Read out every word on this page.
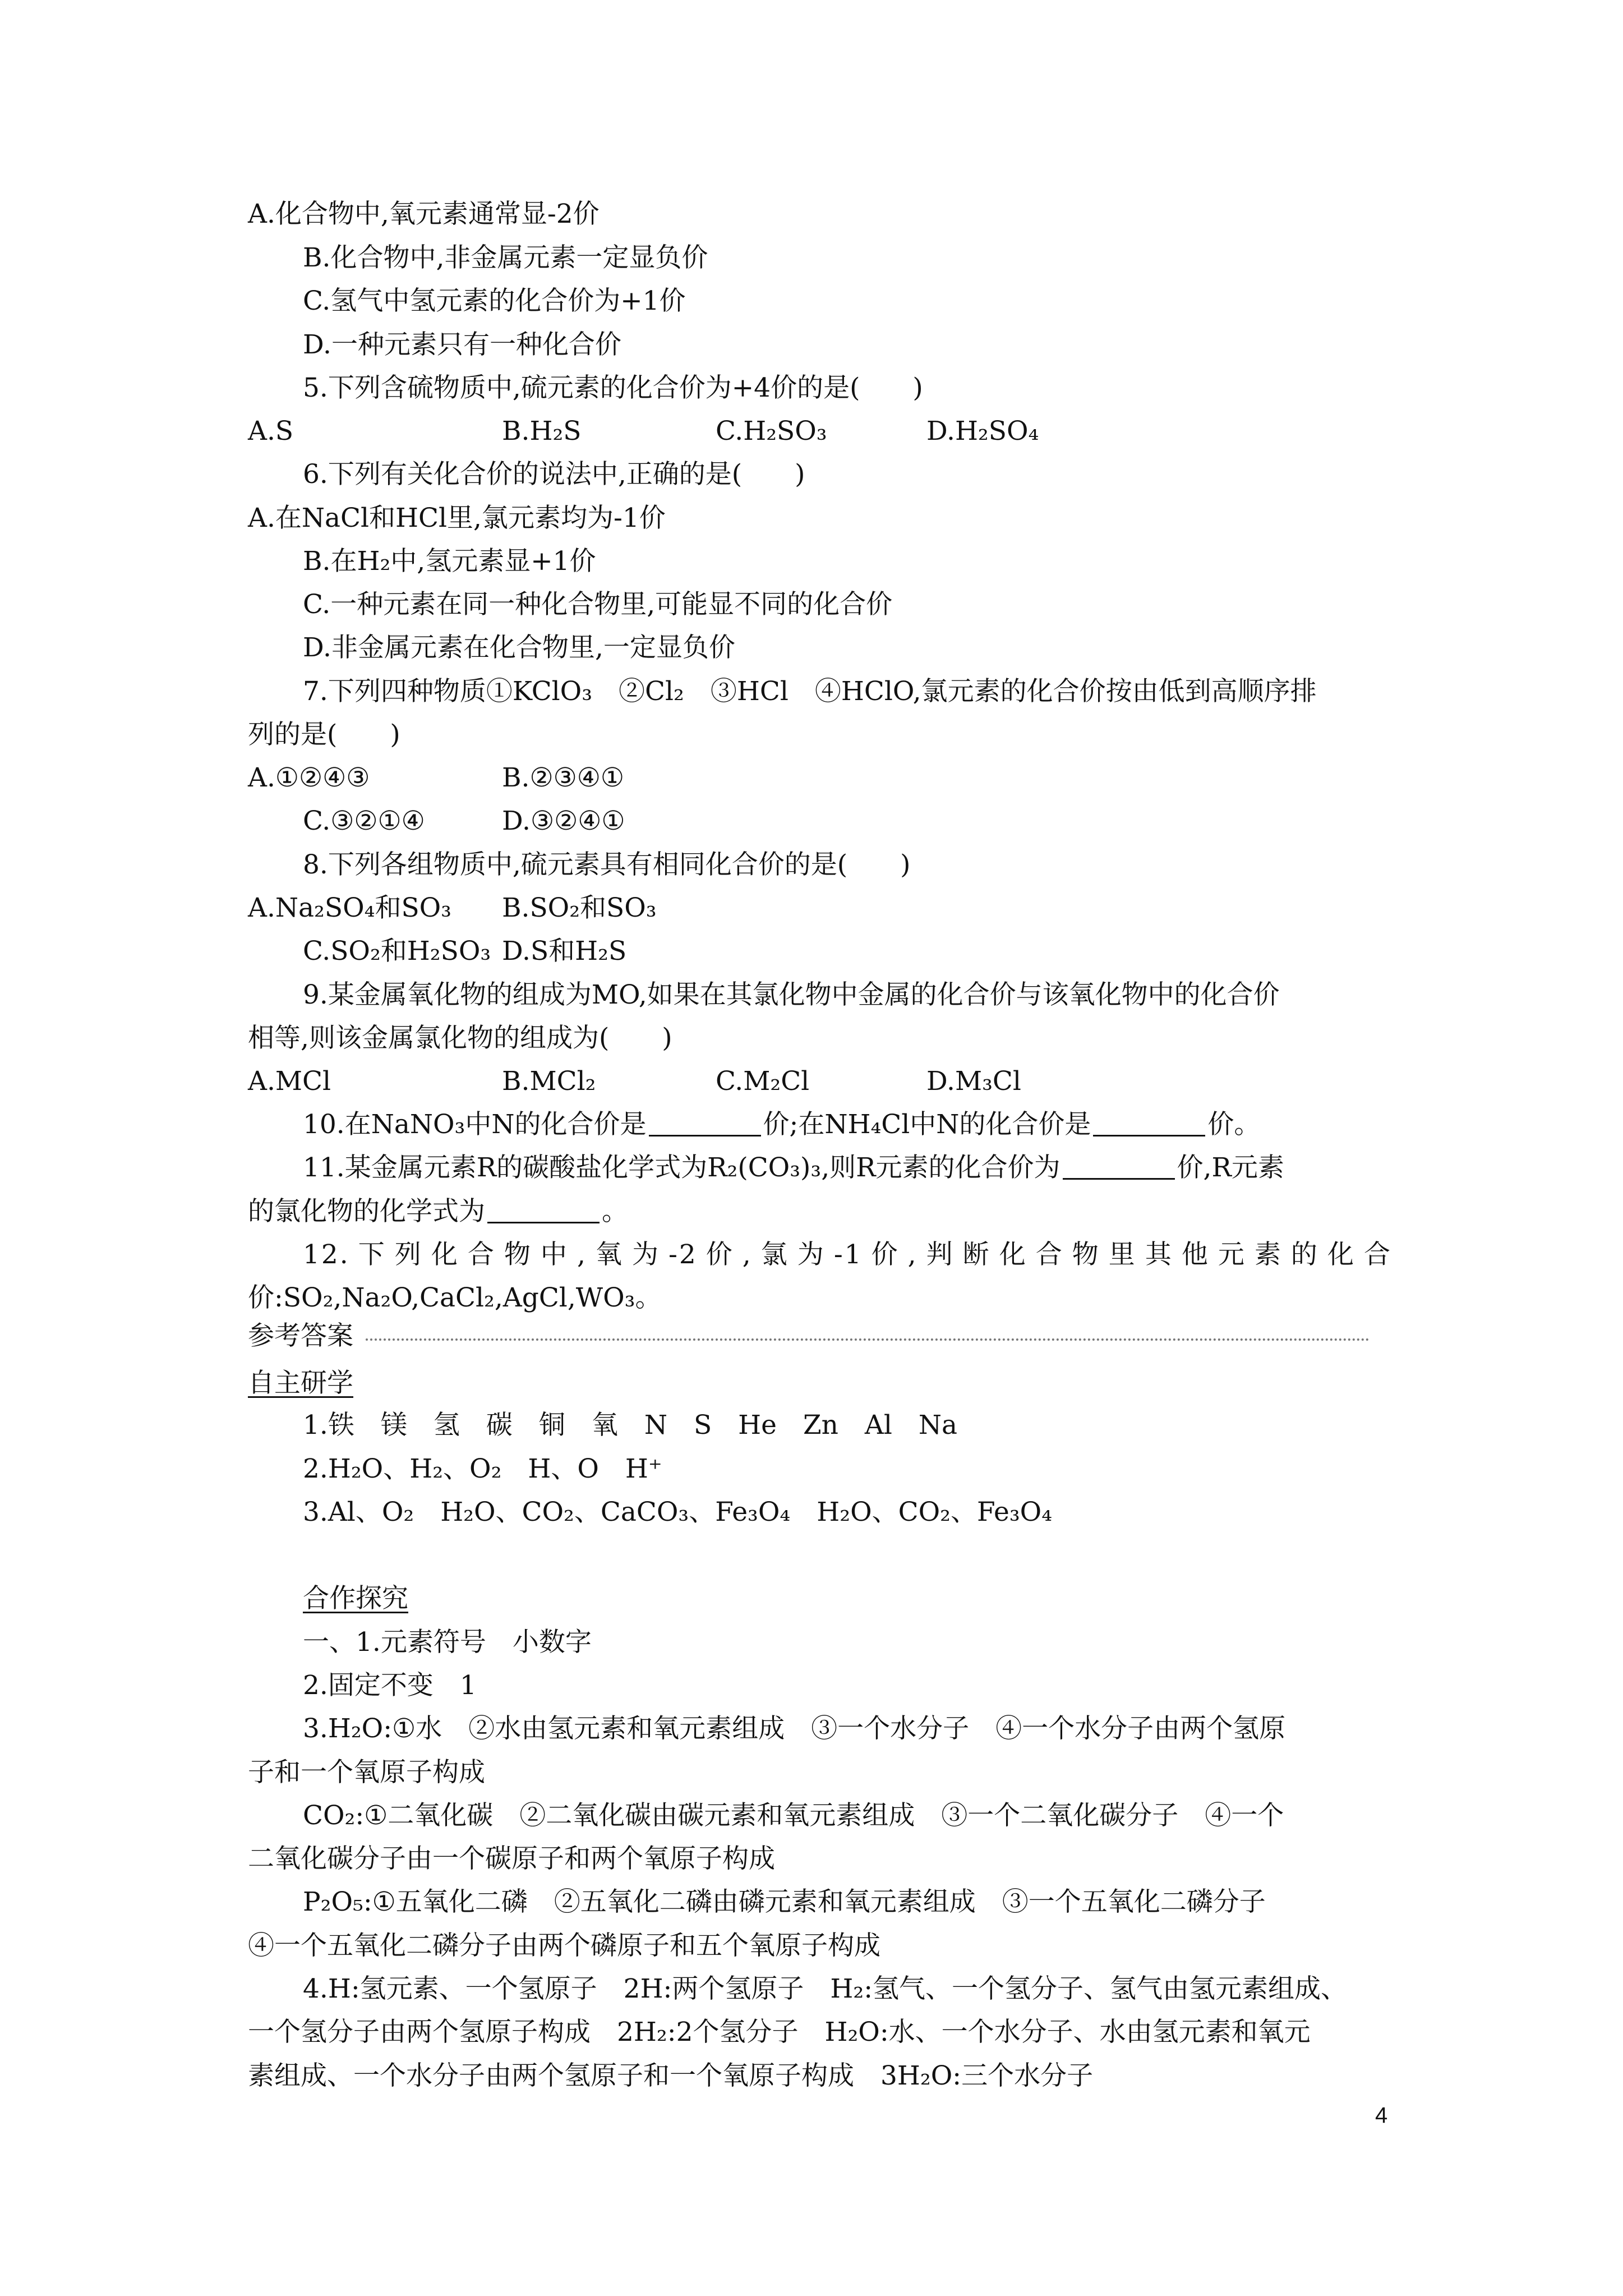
A.化合物中,氧元素通常显-2价
B.化合物中,非金属元素一定显负价
C.氢气中氢元素的化合价为+1价
D.一种元素只有一种化合价
5.下列含硫物质中,硫元素的化合价为+4价的是(　　)
A.S	B.H₂S	C.H₂SO₃	D.H₂SO₄
6.下列有关化合价的说法中,正确的是(　　)
A.在NaCl和HCl里,氯元素均为-1价
B.在H₂中,氢元素显+1价
C.一种元素在同一种化合物里,可能显不同的化合价
D.非金属元素在化合物里,一定显负价
7.下列四种物质①KClO₃　②Cl₂　③HCl　④HClO,氯元素的化合价按由低到高顺序排
列的是(　　)
A.①②④③	B.②③④①
C.③②①④	D.③②④①
8.下列各组物质中,硫元素具有相同化合价的是(　　)
A.Na₂SO₄和SO₃ B.SO₂和SO₃
C.SO₂和H₂SO₃ D.S和H₂S
9.某金属氧化物的组成为MO,如果在其氯化物中金属的化合价与该氧化物中的化合价
相等,则该金属氯化物的组成为(　　)
A.MCl	B.MCl₂	C.M₂Cl	D.M₃Cl
10.在NaNO₃中N的化合价是	价;在NH₄Cl中N的化合价是	价。
11.某金属元素R的碳酸盐化学式为R₂(CO₃)₃,则R元素的化合价为	价,R元素
的氯化物的化学式为	。
12.下列化合物中,氧为-2价,氯为-1价,判断化合物里其他元素的化合
价:SO₂,Na₂O,CaCl₂,AgCl,WO₃。
参考答案
自主研学
1.铁　镁　氢　碳　铜　氧　N　S　He　Zn　Al　Na
2.H₂O、H₂、O₂　H、O　H⁺
3.Al、O₂　H₂O、CO₂、CaCO₃、Fe₃O₄　H₂O、CO₂、Fe₃O₄
合作探究
一、1.元素符号　小数字
2.固定不变　1
3.H₂O:①水　②水由氢元素和氧元素组成　③一个水分子　④一个水分子由两个氢原
子和一个氧原子构成
CO₂:①二氧化碳　②二氧化碳由碳元素和氧元素组成　③一个二氧化碳分子　④一个
二氧化碳分子由一个碳原子和两个氧原子构成
P₂O₅:①五氧化二磷　②五氧化二磷由磷元素和氧元素组成　③一个五氧化二磷分子
④一个五氧化二磷分子由两个磷原子和五个氧原子构成
4.H:氢元素、一个氢原子　2H:两个氢原子　H₂:氢气、一个氢分子、氢气由氢元素组成、
一个氢分子由两个氢原子构成　2H₂:2个氢分子　H₂O:水、一个水分子、水由氢元素和氧元
素组成、一个水分子由两个氢原子和一个氧原子构成　3H₂O:三个水分子
4
